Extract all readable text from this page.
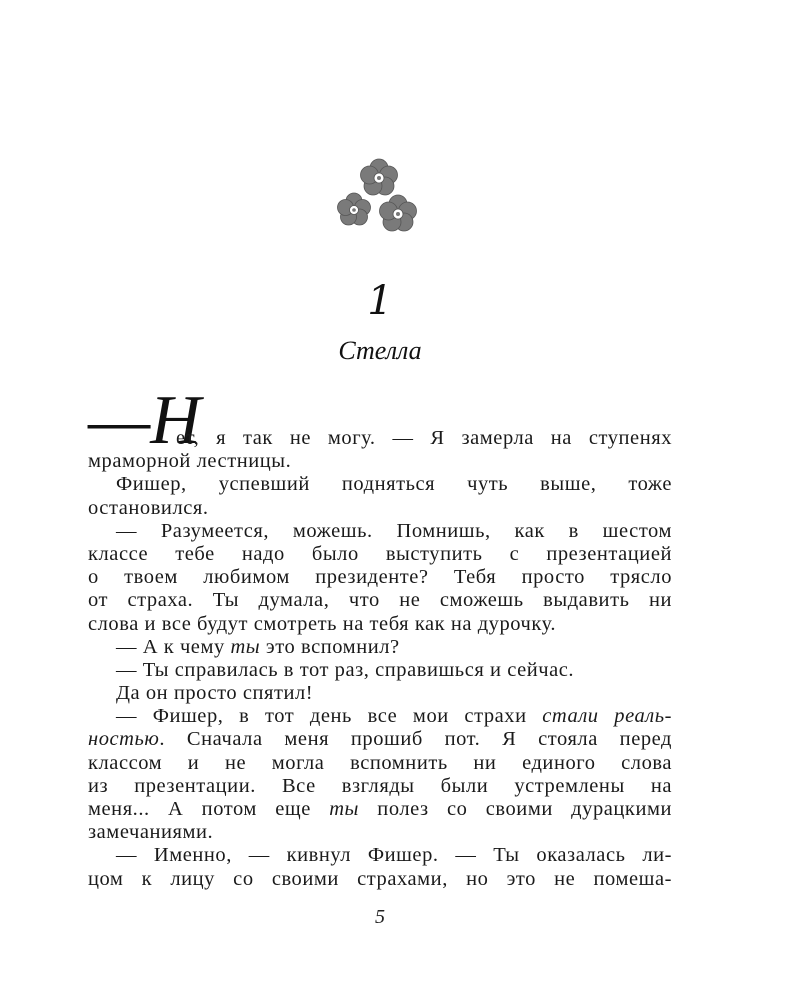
1
Стелла
—Н
ет, я так не могу. — Я замерла на ступенях
мраморной лестницы.
Фишер, успевший подняться чуть выше, тоже
остановился.
— Разумеется, можешь. Помнишь, как в шестом
классе тебе надо было выступить с презентацией
о твоем любимом президенте? Тебя просто трясло
от страха. Ты думала, что не сможешь выдавить ни
слова и все будут смотреть на тебя как на дурочку.
— А к чему ты это вспомнил?
— Ты справилась в тот раз, справишься и сейчас.
Да он просто спятил!
— Фишер, в тот день все мои страхи стали реаль-
ностью. Сначала меня прошиб пот. Я стояла перед
классом и не могла вспомнить ни единого слова
из презентации. Все взгляды были устремлены на
меня... А потом еще ты полез со своими дурацкими
замечаниями.
— Именно, — кивнул Фишер. — Ты оказалась ли-
цом к лицу со своими страхами, но это не помеша-
5
